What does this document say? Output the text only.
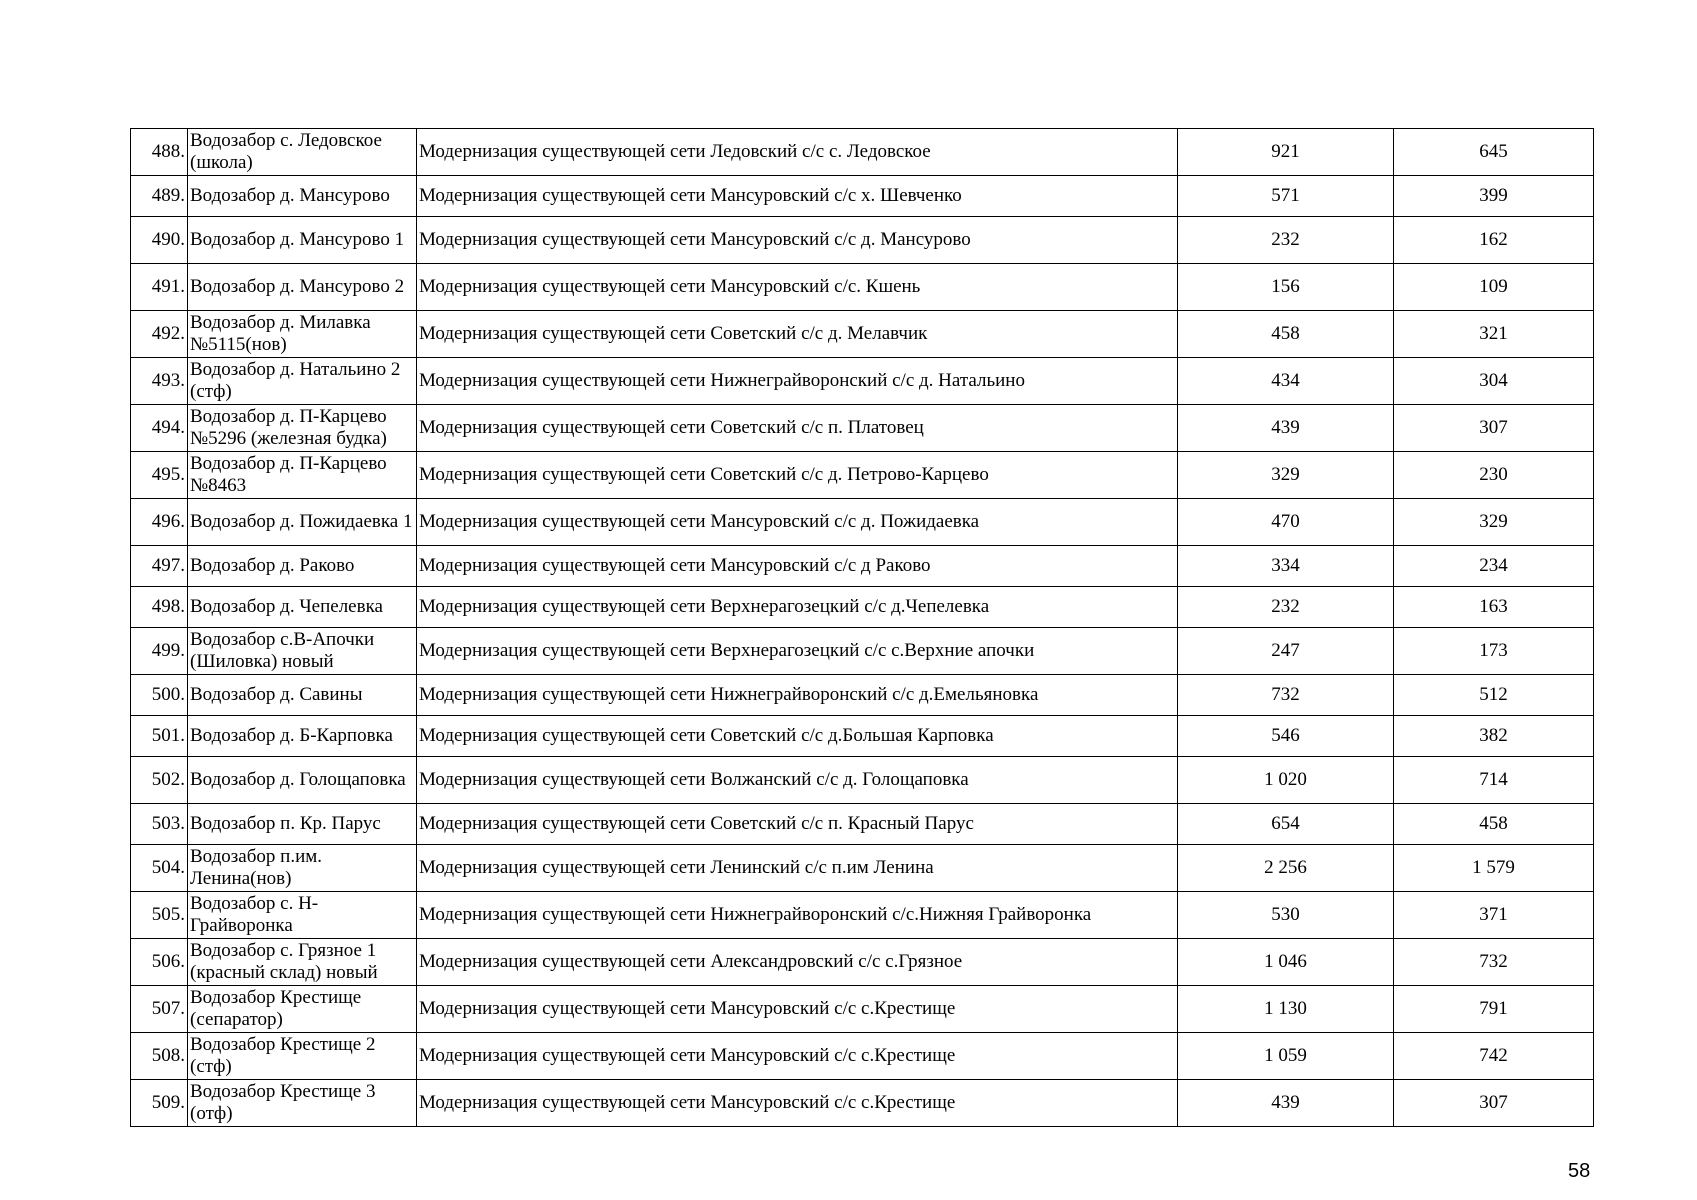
488.	Водозабор с. Ледовское (школа)	Модернизация существующей сети Ледовский с/с с. Ледовское	921	645
489.	Водозабор д. Мансурово	Модернизация существующей сети Мансуровский с/с х. Шевченко	571	399
490.	Водозабор д. Мансурово 1	Модернизация существующей сети Мансуровский с/с д. Мансурово	232	162
491.	Водозабор д. Мансурово 2	Модернизация существующей сети Мансуровский с/с. Кшень	156	109
492.	Водозабор д. Милавка №5115(нов)	Модернизация существующей сети Советский с/с д. Мелавчик	458	321
493.	Водозабор д. Натальино 2 (стф)	Модернизация существующей сети Нижнеграйворонский с/с д. Натальино	434	304
494.	Водозабор д. П-Карцево №5296 (железная будка)	Модернизация существующей сети Советский с/с п. Платовец	439	307
495.	Водозабор д. П-Карцево №8463	Модернизация существующей сети Советский с/с д. Петрово-Карцево	329	230
496.	Водозабор д. Пожидаевка 1	Модернизация существующей сети Мансуровский с/с д. Пожидаевка	470	329
497.	Водозабор д. Раково	Модернизация существующей сети Мансуровский с/с д Раково	334	234
498.	Водозабор д. Чепелевка	Модернизация существующей сети Верхнерагозецкий с/с д.Чепелевка	232	163
499.	Водозабор с.В-Апочки (Шиловка) новый	Модернизация существующей сети Верхнерагозецкий с/с с.Верхние апочки	247	173
500.	Водозабор д. Савины	Модернизация существующей сети Нижнеграйворонский с/с д.Емельяновка	732	512
501.	Водозабор д. Б-Карповка	Модернизация существующей сети Советский с/с д.Большая Карповка	546	382
502.	Водозабор д. Голощаповка	Модернизация существующей сети Волжанский с/с д. Голощаповка	1 020	714
503.	Водозабор п. Кр. Парус	Модернизация существующей сети Советский с/с п. Красный Парус	654	458
504.	Водозабор п.им. Ленина(нов)	Модернизация существующей сети Ленинский с/с п.им Ленина	2 256	1 579
505.	Водозабор с. Н-Грайворонка	Модернизация существующей сети Нижнеграйворонский с/с.Нижняя Грайворонка	530	371
506.	Водозабор с. Грязное 1 (красный склад) новый	Модернизация существующей сети Александровский с/с с.Грязное	1 046	732
507.	Водозабор Крестище (сепаратор)	Модернизация существующей сети Мансуровский с/с с.Крестище	1 130	791
508.	Водозабор Крестище 2 (стф)	Модернизация существующей сети Мансуровский с/с с.Крестище	1 059	742
509.	Водозабор Крестище 3 (отф)	Модернизация существующей сети Мансуровский с/с с.Крестище	439	307
58
